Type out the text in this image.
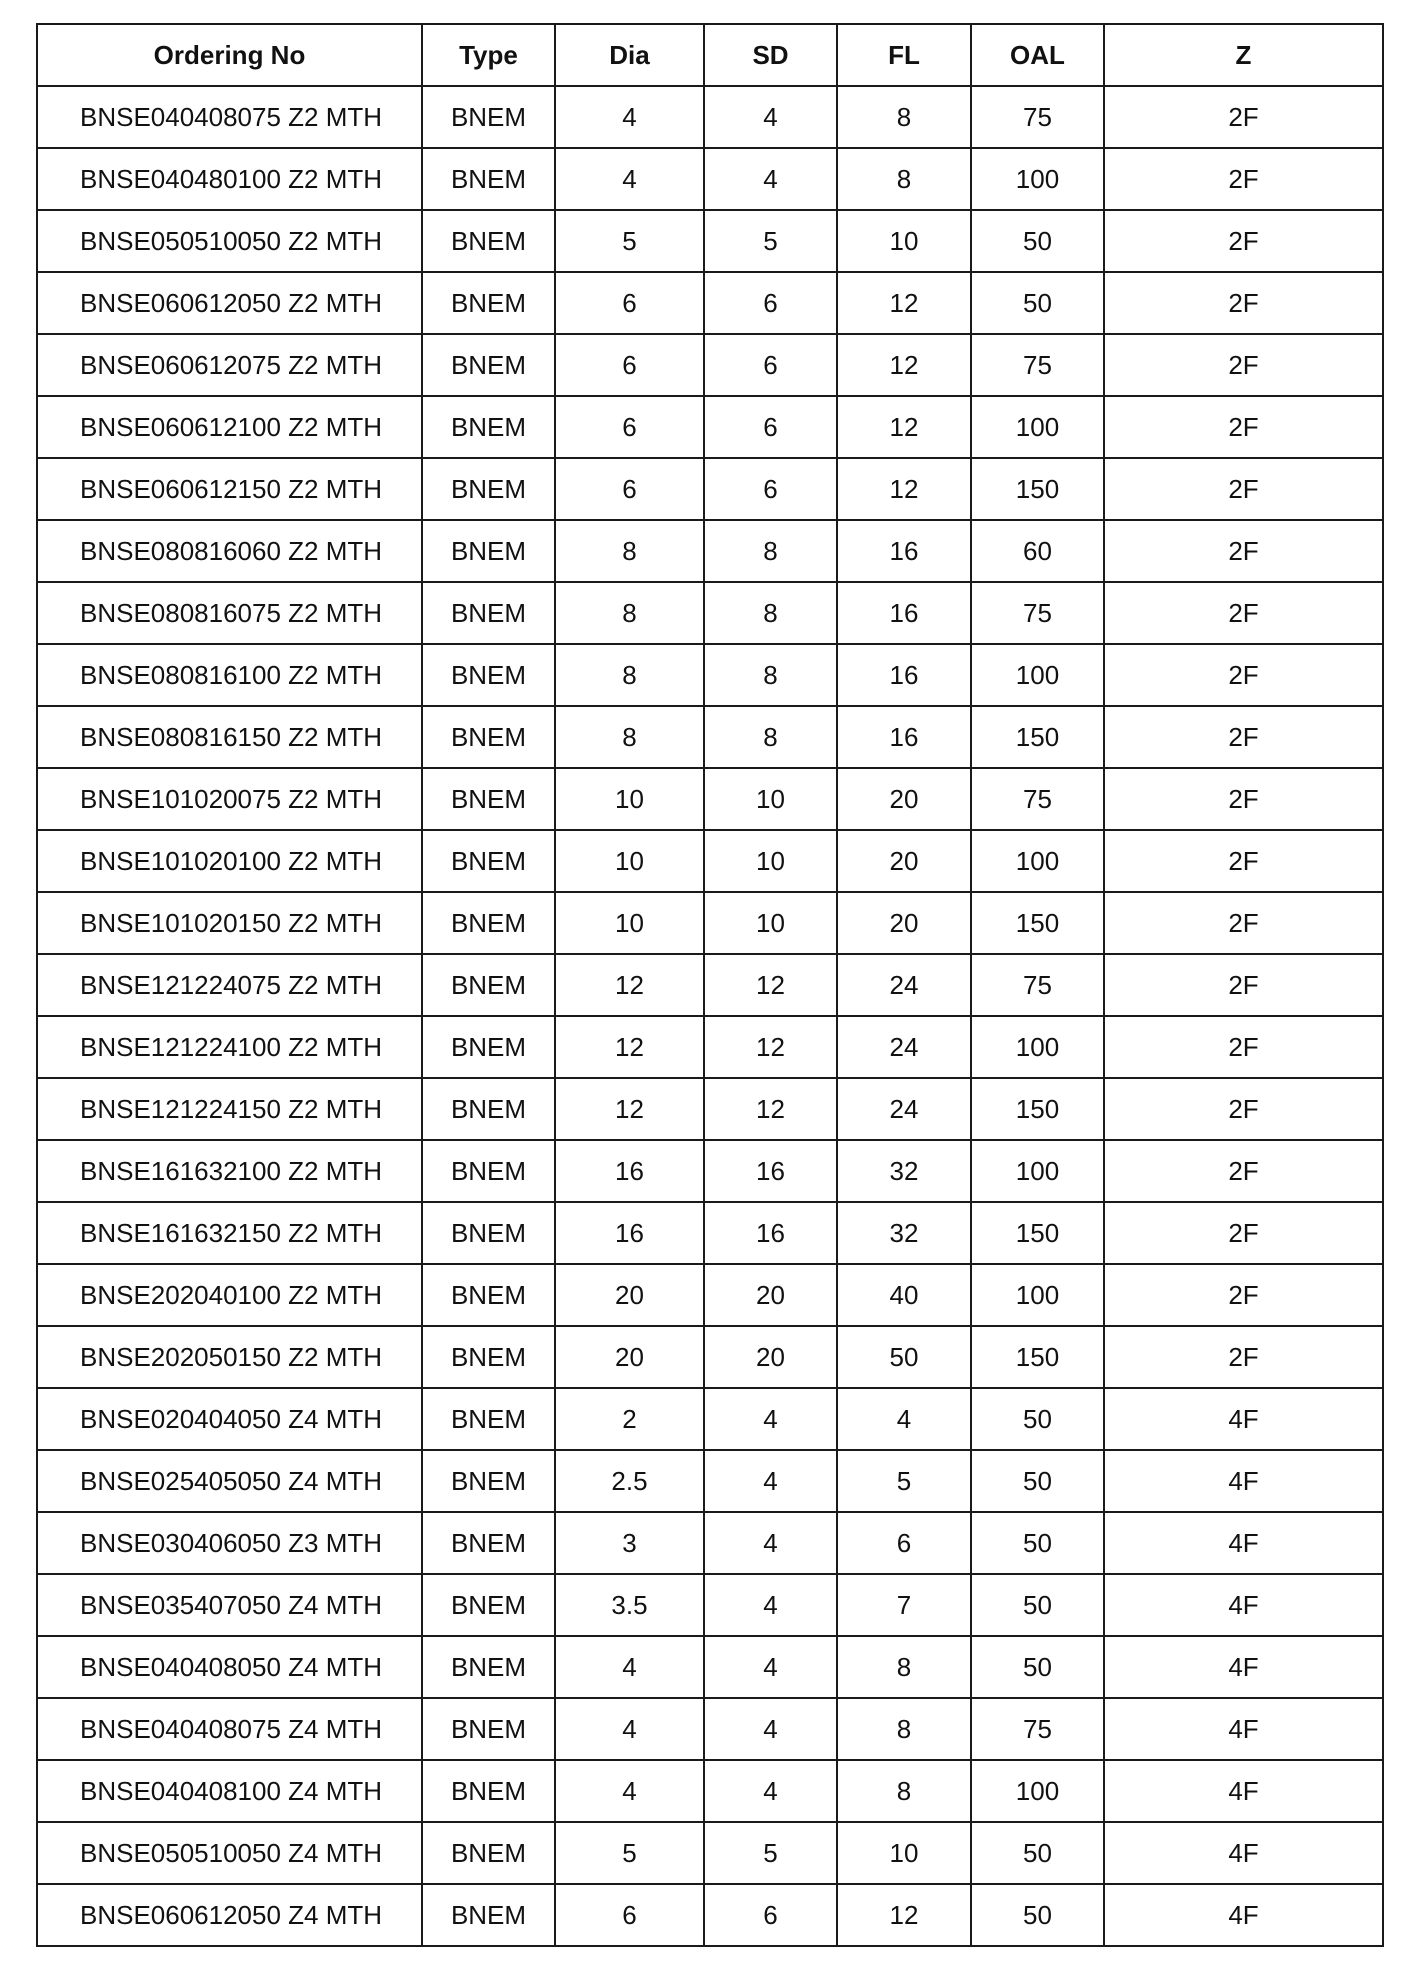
Ordering No	Type	Dia	SD	FL	OAL	Z
BNSE040408075 Z2 MTH	BNEM	4	4	8	75	2F
BNSE040480100 Z2 MTH	BNEM	4	4	8	100	2F
BNSE050510050 Z2 MTH	BNEM	5	5	10	50	2F
BNSE060612050 Z2 MTH	BNEM	6	6	12	50	2F
BNSE060612075 Z2 MTH	BNEM	6	6	12	75	2F
BNSE060612100 Z2 MTH	BNEM	6	6	12	100	2F
BNSE060612150 Z2 MTH	BNEM	6	6	12	150	2F
BNSE080816060 Z2 MTH	BNEM	8	8	16	60	2F
BNSE080816075 Z2 MTH	BNEM	8	8	16	75	2F
BNSE080816100 Z2 MTH	BNEM	8	8	16	100	2F
BNSE080816150 Z2 MTH	BNEM	8	8	16	150	2F
BNSE101020075 Z2 MTH	BNEM	10	10	20	75	2F
BNSE101020100 Z2 MTH	BNEM	10	10	20	100	2F
BNSE101020150 Z2 MTH	BNEM	10	10	20	150	2F
BNSE121224075 Z2 MTH	BNEM	12	12	24	75	2F
BNSE121224100 Z2 MTH	BNEM	12	12	24	100	2F
BNSE121224150 Z2 MTH	BNEM	12	12	24	150	2F
BNSE161632100 Z2 MTH	BNEM	16	16	32	100	2F
BNSE161632150 Z2 MTH	BNEM	16	16	32	150	2F
BNSE202040100 Z2 MTH	BNEM	20	20	40	100	2F
BNSE202050150 Z2 MTH	BNEM	20	20	50	150	2F
BNSE020404050 Z4 MTH	BNEM	2	4	4	50	4F
BNSE025405050 Z4 MTH	BNEM	2.5	4	5	50	4F
BNSE030406050 Z3 MTH	BNEM	3	4	6	50	4F
BNSE035407050 Z4 MTH	BNEM	3.5	4	7	50	4F
BNSE040408050 Z4 MTH	BNEM	4	4	8	50	4F
BNSE040408075 Z4 MTH	BNEM	4	4	8	75	4F
BNSE040408100 Z4 MTH	BNEM	4	4	8	100	4F
BNSE050510050 Z4 MTH	BNEM	5	5	10	50	4F
BNSE060612050 Z4 MTH	BNEM	6	6	12	50	4F
